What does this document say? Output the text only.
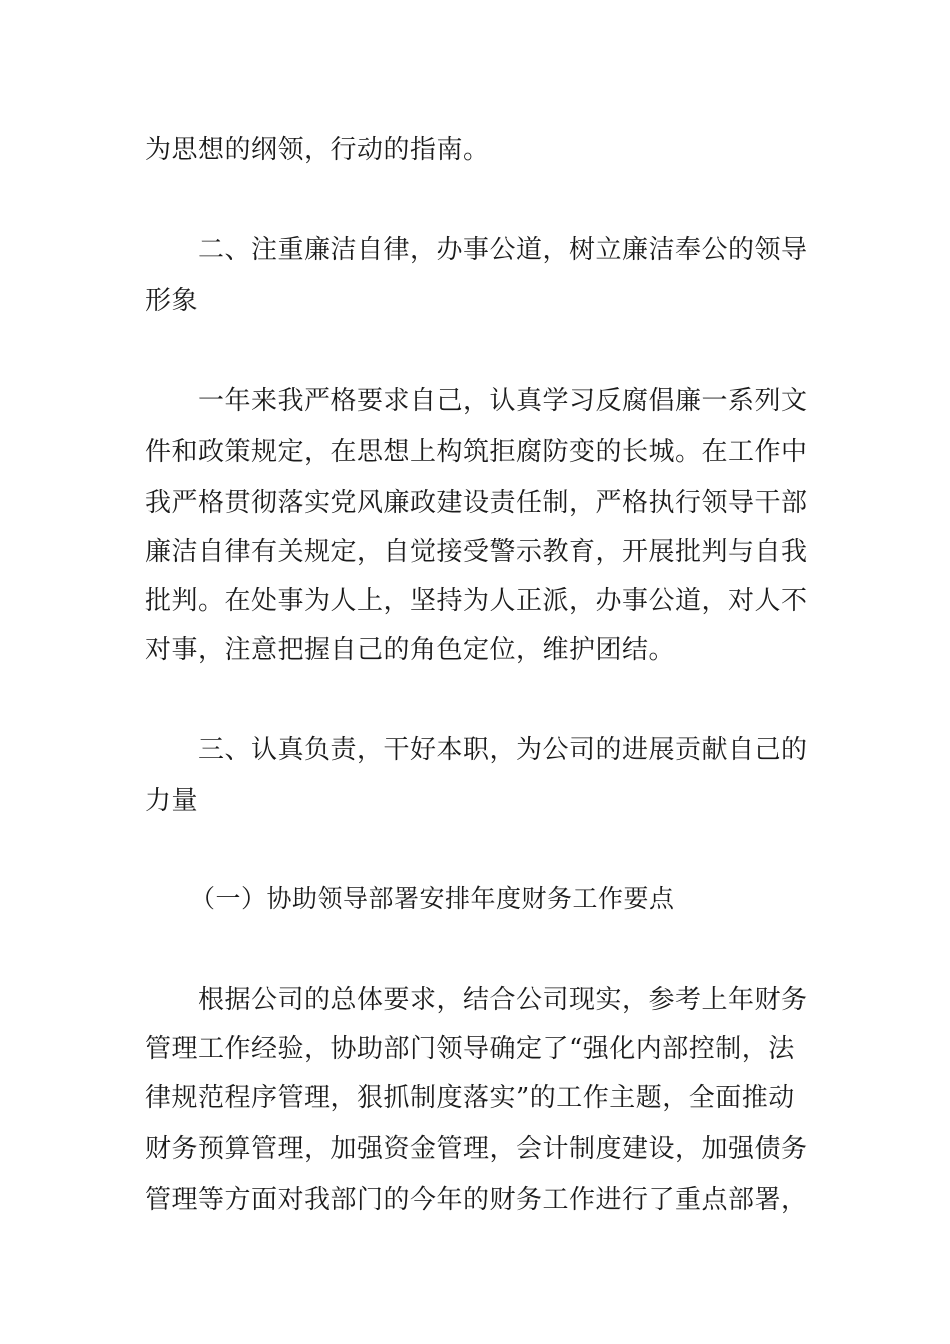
为思想的纲领，行动的指南。
二、注重廉洁自律，办事公道，树立廉洁奉公的领导
形象
一年来我严格要求自己，认真学习反腐倡廉一系列文
件和政策规定，在思想上构筑拒腐防变的长城。在工作中
我严格贯彻落实党风廉政建设责任制，严格执行领导干部
廉洁自律有关规定，自觉接受警示教育，开展批判与自我
批判。在处事为人上，坚持为人正派，办事公道，对人不
对事，注意把握自己的角色定位，维护团结。
三、认真负责，干好本职，为公司的进展贡献自己的
力量
（一）协助领导部署安排年度财务工作要点
根据公司的总体要求，结合公司现实，参考上年财务
管理工作经验，协助部门领导确定了“强化内部控制，法
律规范程序管理，狠抓制度落实”的工作主题，全面推动
财务预算管理，加强资金管理，会计制度建设，加强债务
管理等方面对我部门的今年的财务工作进行了重点部署，
